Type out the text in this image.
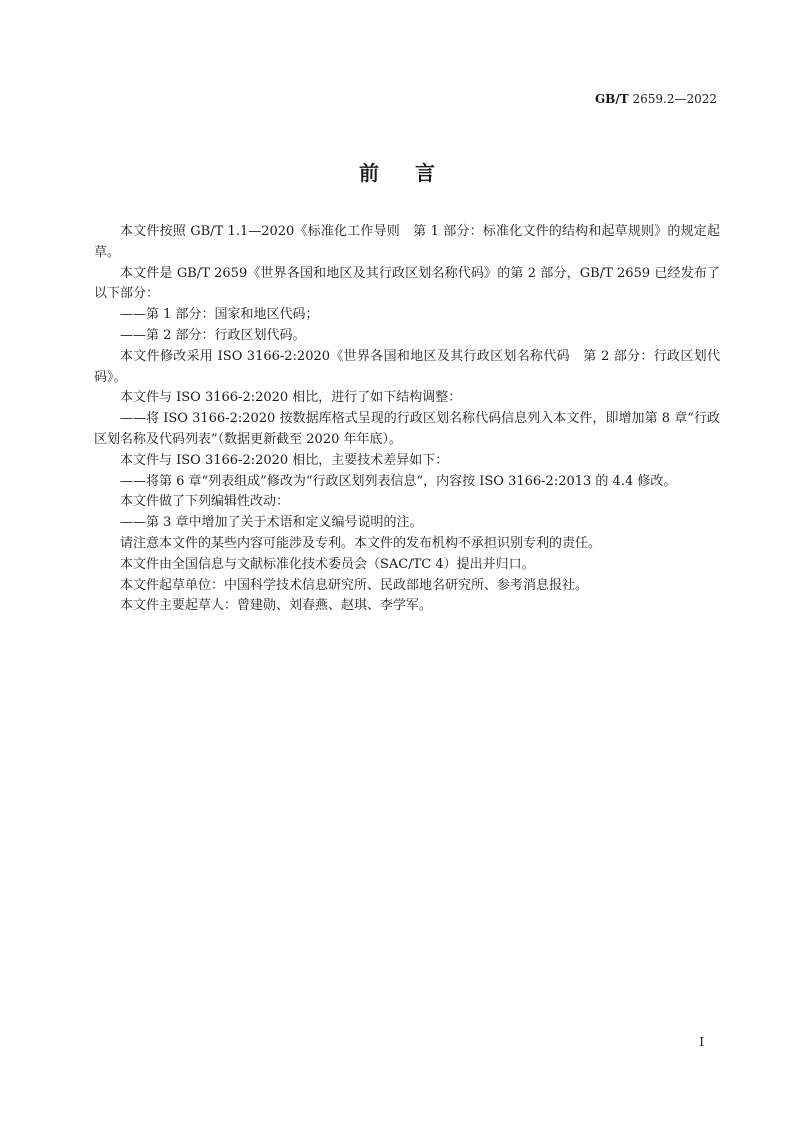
GB/T 2659.2—2022
前言

本文件按照 GB/T 1.1—2020《标准化工作导则　第 1 部分：标准化文件的结构和起草规则》的规定起草。

本文件是 GB/T 2659《世界各国和地区及其行政区划名称代码》的第 2 部分，GB/T 2659 已经发布了以下部分：

——第 1 部分：国家和地区代码；

——第 2 部分：行政区划代码。

本文件修改采用 ISO 3166-2:2020《世界各国和地区及其行政区划名称代码　第 2 部分：行政区划代码》。

本文件与 ISO 3166-2:2020 相比，进行了如下结构调整：

——将 ISO 3166-2:2020 按数据库格式呈现的行政区划名称代码信息列入本文件，即增加第 8 章“行政区划名称及代码列表”（数据更新截至 2020 年年底）。

本文件与 ISO 3166-2:2020 相比，主要技术差异如下：

——将第 6 章“列表组成”修改为“行政区划列表信息”，内容按 ISO 3166-2:2013 的 4.4 修改。

本文件做了下列编辑性改动：

——第 3 章中增加了关于术语和定义编号说明的注。

请注意本文件的某些内容可能涉及专利。本文件的发布机构不承担识别专利的责任。

本文件由全国信息与文献标准化技术委员会（SAC/TC 4）提出并归口。

本文件起草单位：中国科学技术信息研究所、民政部地名研究所、参考消息报社。

本文件主要起草人：曾建勋、刘春燕、赵琪、李学军。

I
